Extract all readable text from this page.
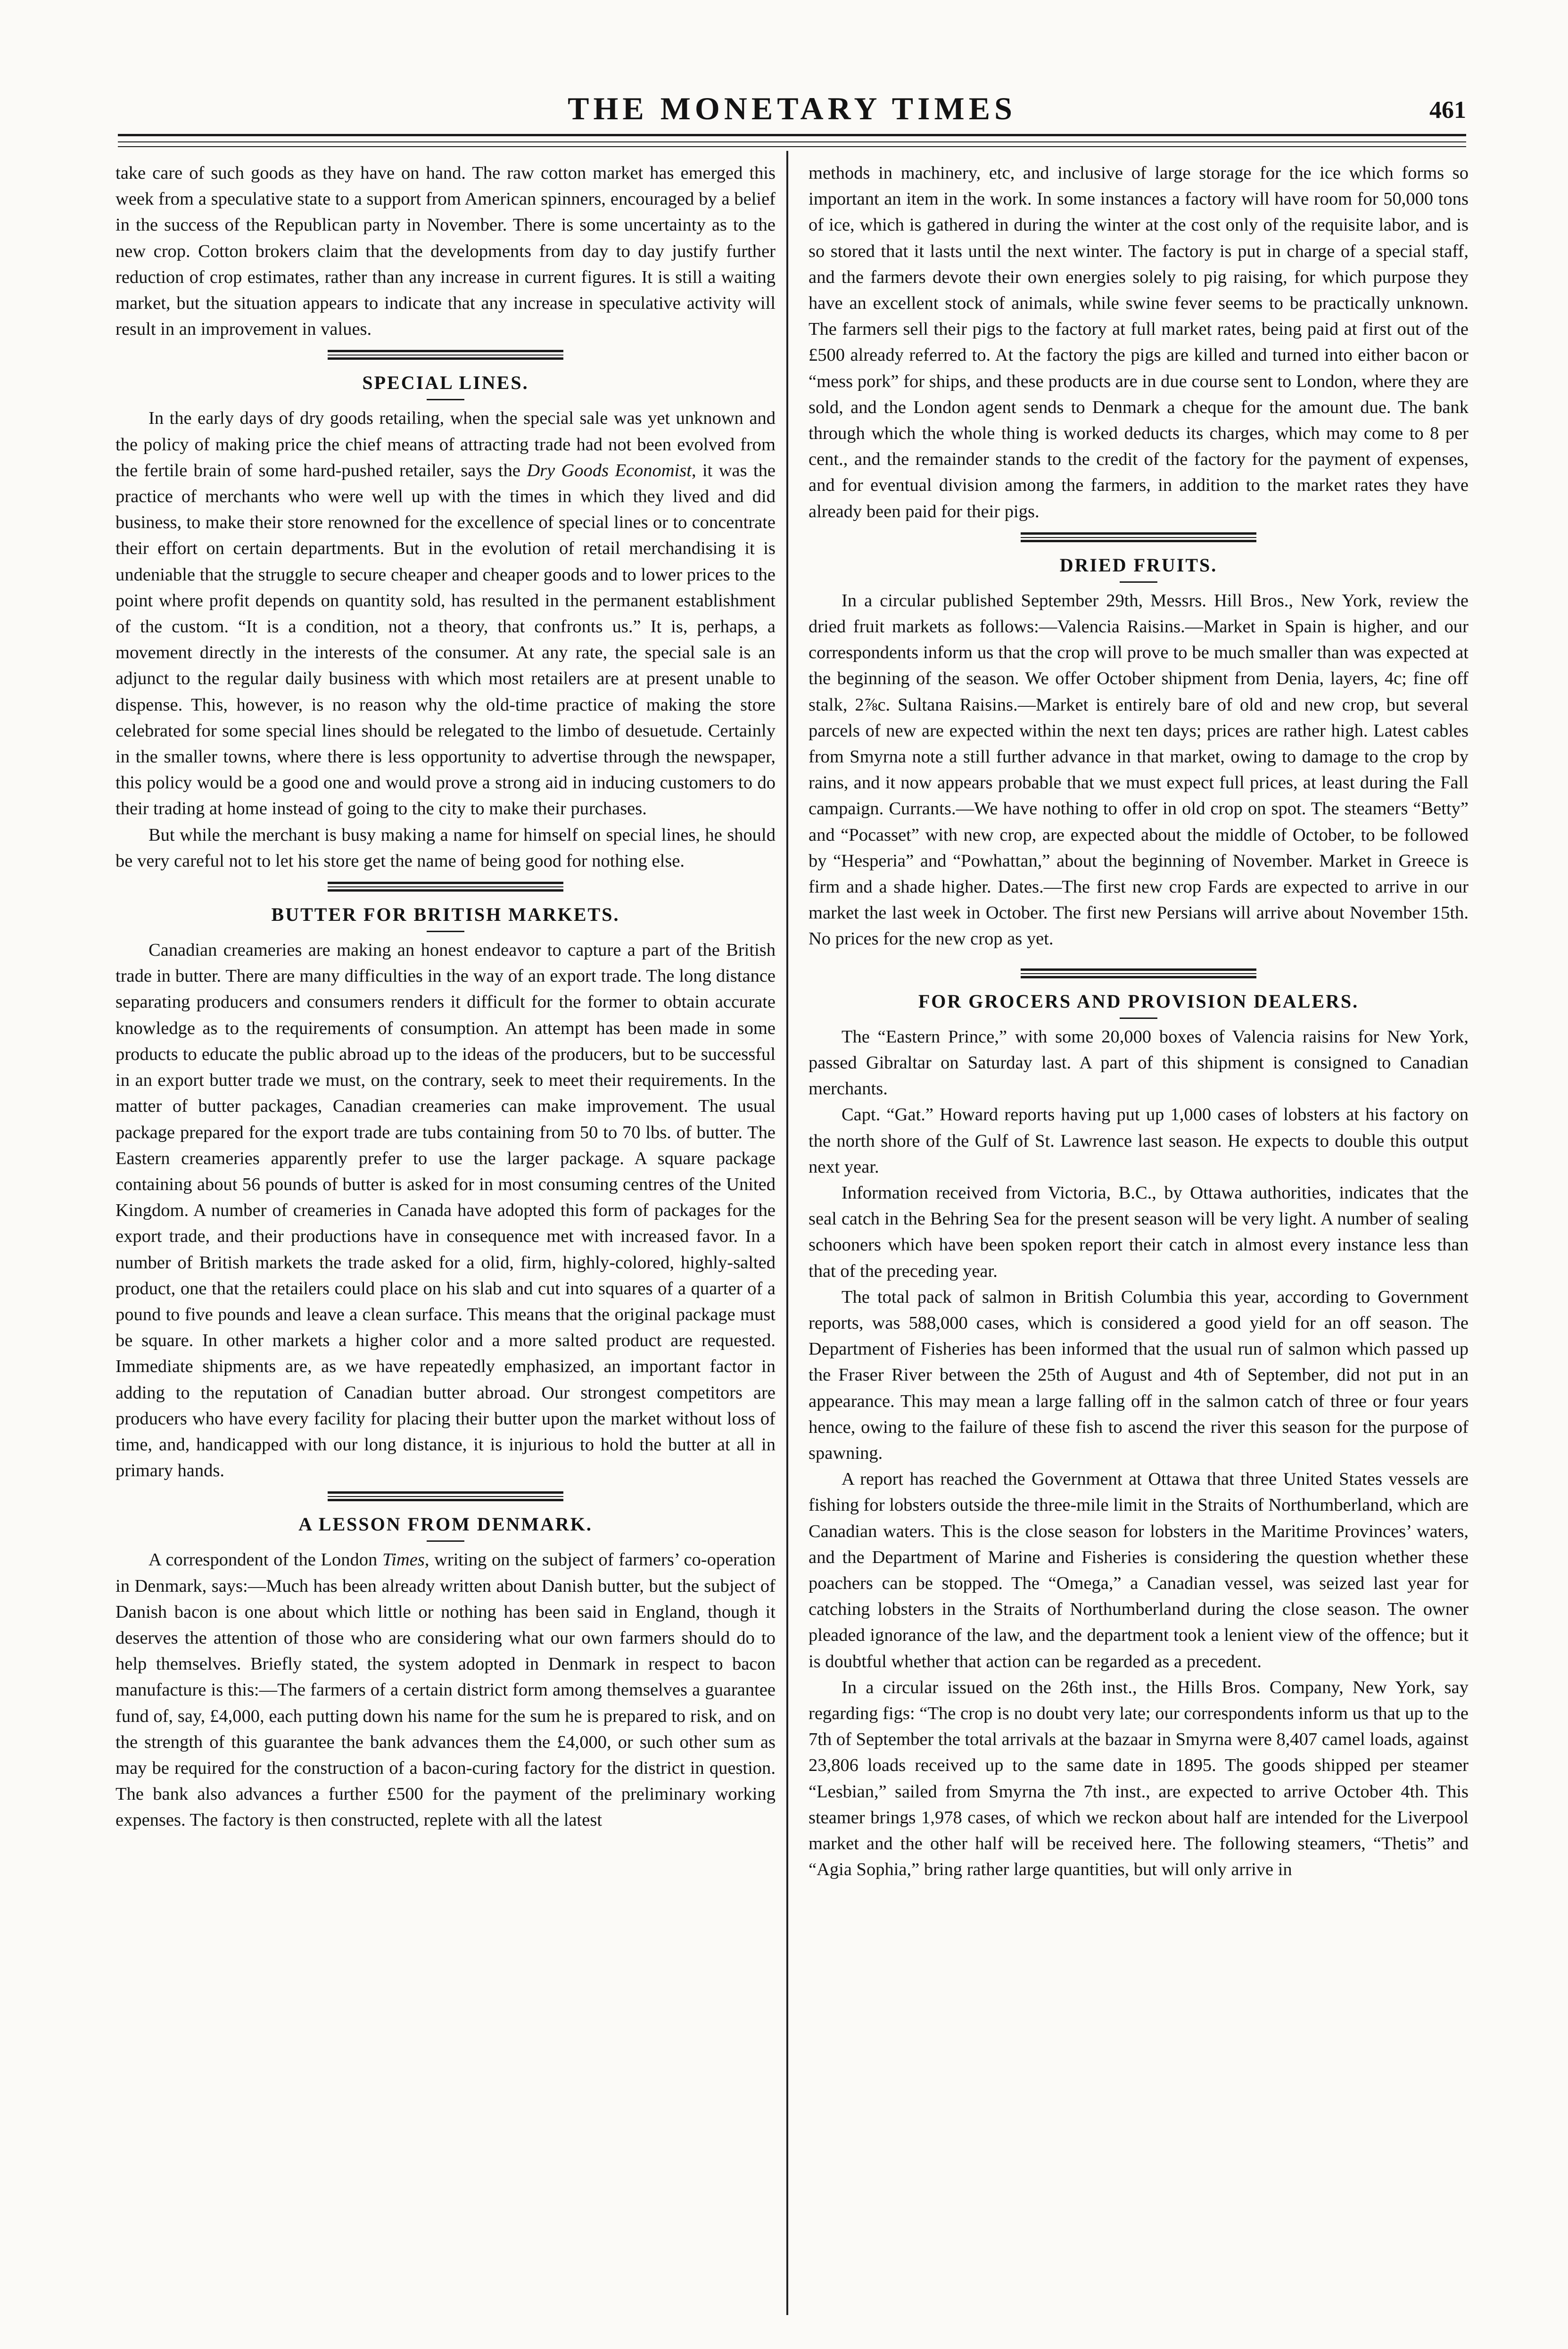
THE MONETARY TIMES	461

take care of such goods as they have on hand. The raw cotton market has emerged this week from a speculative state to a support from American spinners, encouraged by a belief in the success of the Republican party in November. There is some uncertainty as to the new crop. Cotton brokers claim that the developments from day to day justify further reduction of crop estimates, rather than any increase in current figures. It is still a waiting market, but the situation appears to indicate that any increase in speculative activity will result in an improvement in values.

SPECIAL LINES.

In the early days of dry goods retailing, when the special sale was yet unknown and the policy of making price the chief means of attracting trade had not been evolved from the fertile brain of some hard-pushed retailer, says the Dry Goods Economist, it was the practice of merchants who were well up with the times in which they lived and did business, to make their store renowned for the excellence of special lines or to concentrate their effort on certain departments. But in the evolution of retail merchandising it is undeniable that the struggle to secure cheaper and cheaper goods and to lower prices to the point where profit depends on quantity sold, has resulted in the permanent establishment of the custom. “It is a condition, not a theory, that confronts us.” It is, perhaps, a movement directly in the interests of the consumer. At any rate, the special sale is an adjunct to the regular daily business with which most retailers are at present unable to dispense. This, however, is no reason why the old-time practice of making the store celebrated for some special lines should be relegated to the limbo of desuetude. Certainly in the smaller towns, where there is less opportunity to advertise through the newspaper, this policy would be a good one and would prove a strong aid in inducing customers to do their trading at home instead of going to the city to make their purchases.

But while the merchant is busy making a name for himself on special lines, he should be very careful not to let his store get the name of being good for nothing else.

BUTTER FOR BRITISH MARKETS.

Canadian creameries are making an honest endeavor to capture a part of the British trade in butter. There are many difficulties in the way of an export trade. The long distance separating producers and consumers renders it difficult for the former to obtain accurate knowledge as to the requirements of consumption. An attempt has been made in some products to educate the public abroad up to the ideas of the producers, but to be successful in an export butter trade we must, on the contrary, seek to meet their requirements. In the matter of butter packages, Canadian creameries can make improvement. The usual package prepared for the export trade are tubs containing from 50 to 70 lbs. of butter. The Eastern creameries apparently prefer to use the larger package. A square package containing about 56 pounds of butter is asked for in most consuming centres of the United Kingdom. A number of creameries in Canada have adopted this form of packages for the export trade, and their productions have in consequence met with increased favor. In a number of British markets the trade asked for a olid, firm, highly-colored, highly-salted product, one that the retailers could place on his slab and cut into squares of a quarter of a pound to five pounds and leave a clean surface. This means that the original package must be square. In other markets a higher color and a more salted product are requested. Immediate shipments are, as we have repeatedly emphasized, an important factor in adding to the reputation of Canadian butter abroad. Our strongest competitors are producers who have every facility for placing their butter upon the market without loss of time, and, handicapped with our long distance, it is injurious to hold the butter at all in primary hands.

A LESSON FROM DENMARK.

A correspondent of the London Times, writing on the subject of farmers’ co-operation in Denmark, says:—Much has been already written about Danish butter, but the subject of Danish bacon is one about which little or nothing has been said in England, though it deserves the attention of those who are considering what our own farmers should do to help themselves. Briefly stated, the system adopted in Denmark in respect to bacon manufacture is this:—The farmers of a certain district form among themselves a guarantee fund of, say, £4,000, each putting down his name for the sum he is prepared to risk, and on the strength of this guarantee the bank advances them the £4,000, or such other sum as may be required for the construction of a bacon-curing factory for the district in question. The bank also advances a further £500 for the payment of the preliminary working expenses. The factory is then constructed, replete with all the latest

methods in machinery, etc, and inclusive of large storage for the ice which forms so important an item in the work. In some instances a factory will have room for 50,000 tons of ice, which is gathered in during the winter at the cost only of the requisite labor, and is so stored that it lasts until the next winter. The factory is put in charge of a special staff, and the farmers devote their own energies solely to pig raising, for which purpose they have an excellent stock of animals, while swine fever seems to be practically unknown. The farmers sell their pigs to the factory at full market rates, being paid at first out of the £500 already referred to. At the factory the pigs are killed and turned into either bacon or “mess pork” for ships, and these products are in due course sent to London, where they are sold, and the London agent sends to Denmark a cheque for the amount due. The bank through which the whole thing is worked deducts its charges, which may come to 8 per cent., and the remainder stands to the credit of the factory for the payment of expenses, and for eventual division among the farmers, in addition to the market rates they have already been paid for their pigs.

DRIED FRUITS.

In a circular published September 29th, Messrs. Hill Bros., New York, review the dried fruit markets as follows:—Valencia Raisins.—Market in Spain is higher, and our correspondents inform us that the crop will prove to be much smaller than was expected at the beginning of the season. We offer October shipment from Denia, layers, 4c; fine off stalk, 2⅞c. Sultana Raisins.—Market is entirely bare of old and new crop, but several parcels of new are expected within the next ten days; prices are rather high. Latest cables from Smyrna note a still further advance in that market, owing to damage to the crop by rains, and it now appears probable that we must expect full prices, at least during the Fall campaign. Currants.—We have nothing to offer in old crop on spot. The steamers “Betty” and “Pocasset” with new crop, are expected about the middle of October, to be followed by “Hesperia” and “Powhattan,” about the beginning of November. Market in Greece is firm and a shade higher. Dates.—The first new crop Fards are expected to arrive in our market the last week in October. The first new Persians will arrive about November 15th. No prices for the new crop as yet.

FOR GROCERS AND PROVISION DEALERS.

The “Eastern Prince,” with some 20,000 boxes of Valencia raisins for New York, passed Gibraltar on Saturday last. A part of this shipment is consigned to Canadian merchants.

Capt. “Gat.” Howard reports having put up 1,000 cases of lobsters at his factory on the north shore of the Gulf of St. Lawrence last season. He expects to double this output next year.

Information received from Victoria, B.C., by Ottawa authorities, indicates that the seal catch in the Behring Sea for the present season will be very light. A number of sealing schooners which have been spoken report their catch in almost every instance less than that of the preceding year.

The total pack of salmon in British Columbia this year, according to Government reports, was 588,000 cases, which is considered a good yield for an off season. The Department of Fisheries has been informed that the usual run of salmon which passed up the Fraser River between the 25th of August and 4th of September, did not put in an appearance. This may mean a large falling off in the salmon catch of three or four years hence, owing to the failure of these fish to ascend the river this season for the purpose of spawning.

A report has reached the Government at Ottawa that three United States vessels are fishing for lobsters outside the three-mile limit in the Straits of Northumberland, which are Canadian waters. This is the close season for lobsters in the Maritime Provinces’ waters, and the Department of Marine and Fisheries is considering the question whether these poachers can be stopped. The “Omega,” a Canadian vessel, was seized last year for catching lobsters in the Straits of Northumberland during the close season. The owner pleaded ignorance of the law, and the department took a lenient view of the offence; but it is doubtful whether that action can be regarded as a precedent.

In a circular issued on the 26th inst., the Hills Bros. Company, New York, say regarding figs: “The crop is no doubt very late; our correspondents inform us that up to the 7th of September the total arrivals at the bazaar in Smyrna were 8,407 camel loads, against 23,806 loads received up to the same date in 1895. The goods shipped per steamer “Lesbian,” sailed from Smyrna the 7th inst., are expected to arrive October 4th. This steamer brings 1,978 cases, of which we reckon about half are intended for the Liverpool market and the other half will be received here. The following steamers, “Thetis” and “Agia Sophia,” bring rather large quantities, but will only arrive in
